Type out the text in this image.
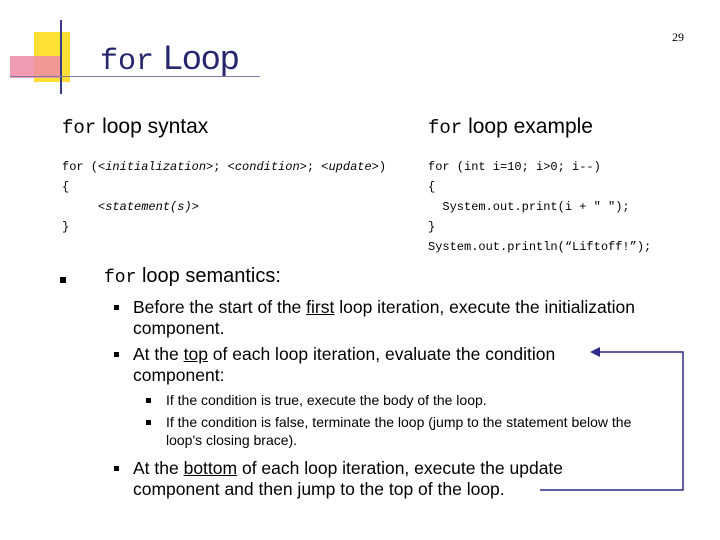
29
for Loop
for loop syntax
for (<initialization>; <condition>; <update>)
{
<statement(s)>
}
for loop example
for (int i=10; i>0; i--)
{
System.out.print(i + " ");
}
System.out.println(“Liftoff!”);
for loop semantics:
Before the start of the first loop iteration, execute the initialization component.
At the top of each loop iteration, evaluate the condition component:
If the condition is true, execute the body of the loop.
If the condition is false, terminate the loop (jump to the statement below the loop's closing brace).
At the bottom of each loop iteration, execute the update component and then jump to the top of the loop.
